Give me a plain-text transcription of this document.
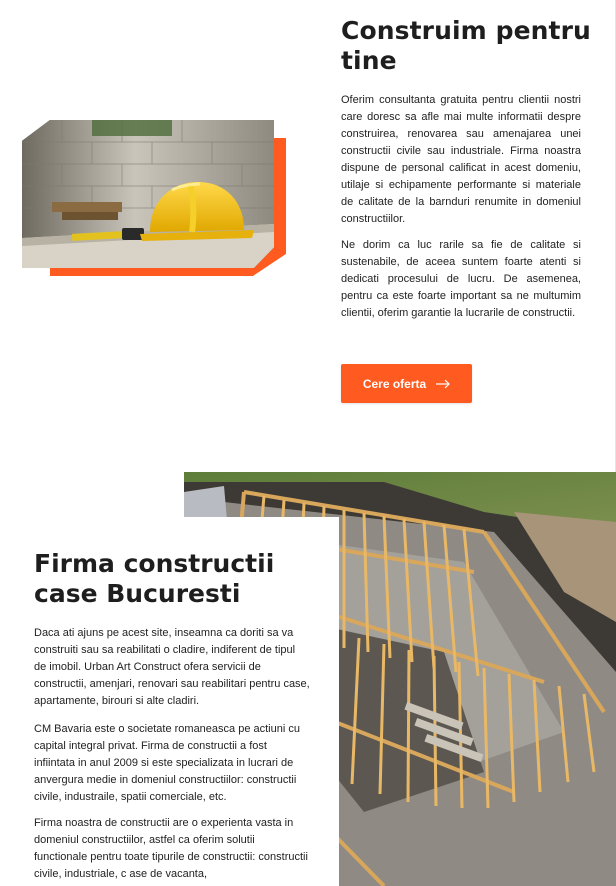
Construim pentru tine

Oferim consultanta gratuita pentru clientii nostri care doresc sa afle mai multe informatii despre construirea, renovarea sau amenajarea unei constructii civile sau industriale. Firma noastra dispune de personal calificat in acest domeniu, utilaje si echipamente performante si materiale de calitate de la barnduri renumite in domeniul constructiilor.

Ne dorim ca luc rarile sa fie de calitate si sustenabile, de aceea suntem foarte atenti si dedicati procesului de lucru. De asemenea, pentru ca este foarte important sa ne multumim clientii, oferim garantie la lucrarile de constructii.

Cere oferta
Firma constructii case Bucuresti

Daca ati ajuns pe acest site, inseamna ca doriti sa va construiti sau sa reabilitati o cladire, indiferent de tipul de imobil. Urban Art Construct ofera servicii de constructii, amenjari, renovari sau reabilitari pentru case, apartamente, birouri si alte cladiri.

CM Bavaria este o societate romaneasca pe actiuni cu capital integral privat. Firma de constructii a fost infiintata in anul 2009 si este specializata in lucrari de anvergura medie in domeniul constructiilor: constructii civile, industraile, spatii comerciale, etc.

Firma noastra de constructii are o experienta vasta in domeniul constructiilor, astfel ca oferim solutii functionale pentru toate tipurile de constructii: constructii civile, industriale, c ase de vacanta,
